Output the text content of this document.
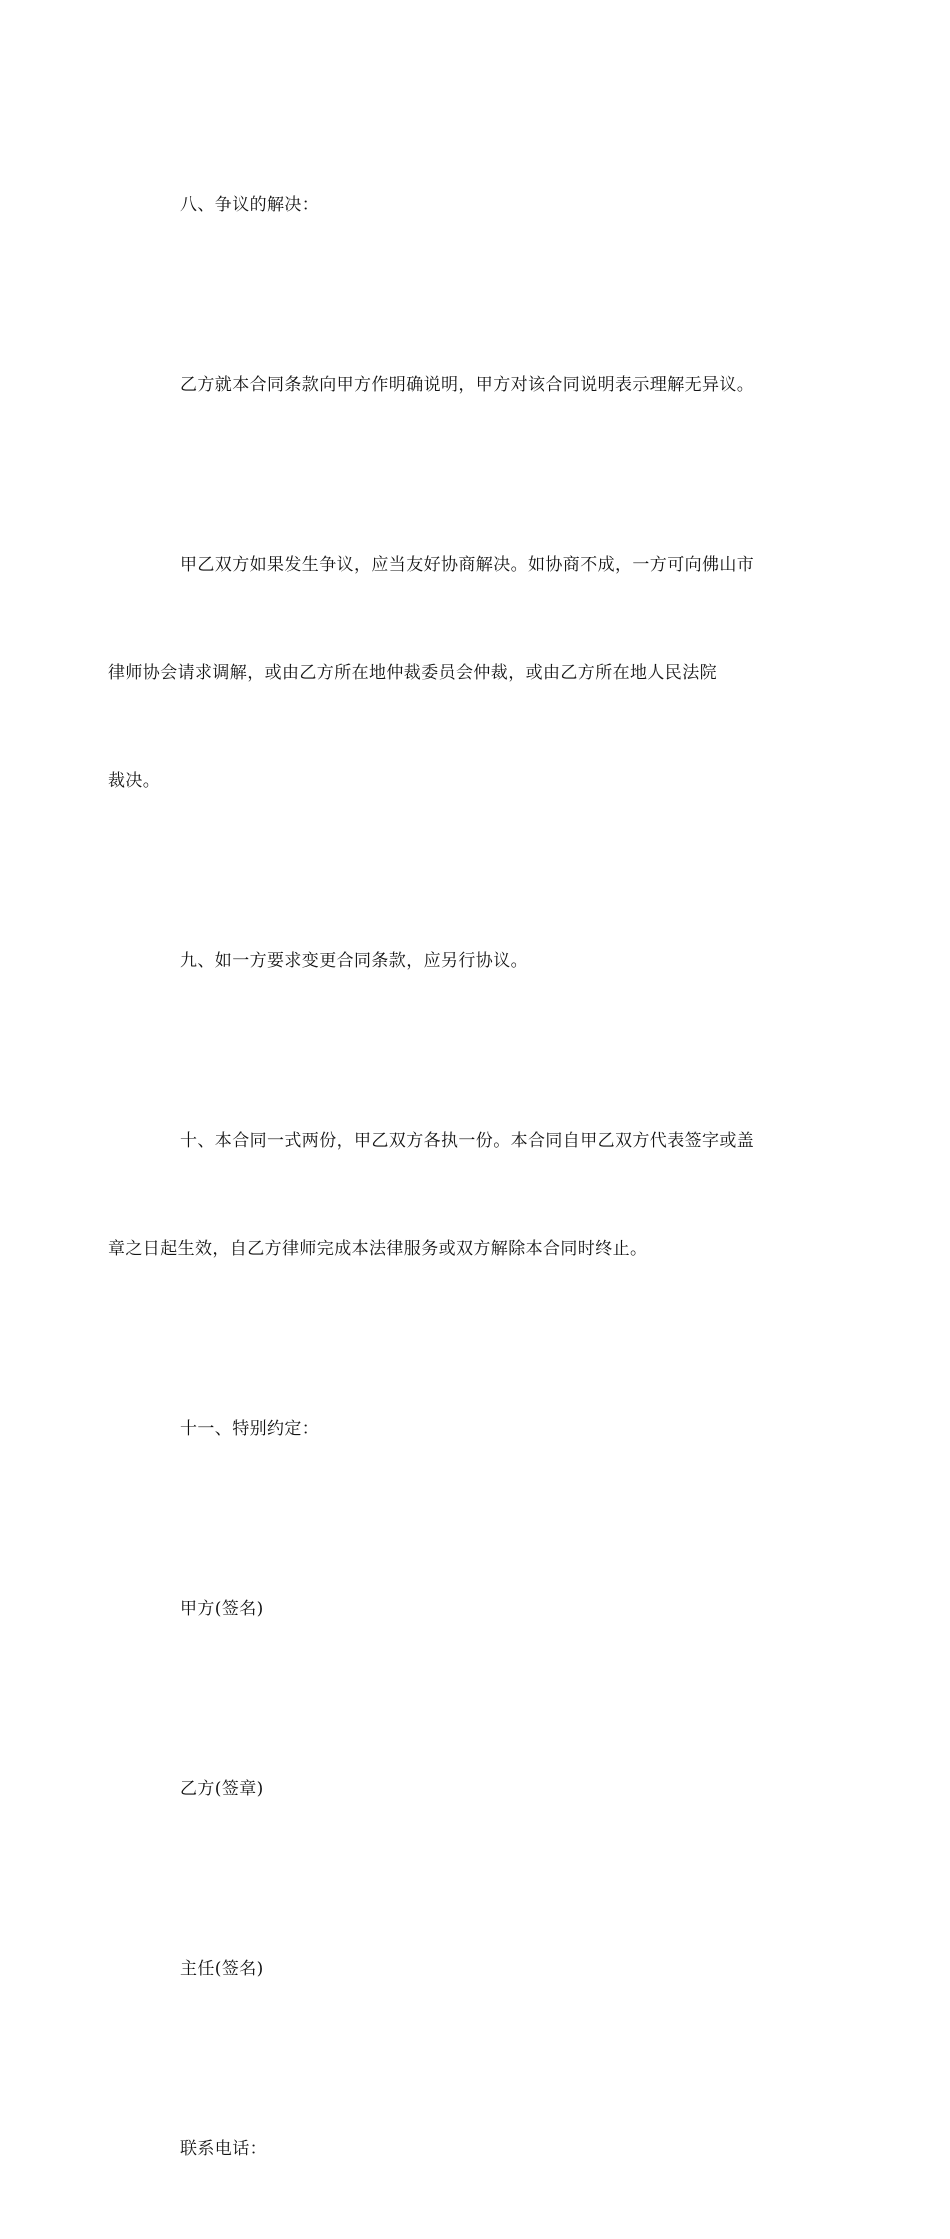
八、争议的解决：

乙方就本合同条款向甲方作明确说明，甲方对该合同说明表示理解无异议。

甲乙双方如果发生争议，应当友好协商解决。如协商不成，一方可向佛山市

律师协会请求调解，或由乙方所在地仲裁委员会仲裁，或由乙方所在地人民法院

裁决。

九、如一方要求变更合同条款，应另行协议。

十、本合同一式两份，甲乙双方各执一份。本合同自甲乙双方代表签字或盖

章之日起生效，自乙方律师完成本法律服务或双方解除本合同时终止。

十一、特别约定：

甲方(签名)

乙方(签章)

主任(签名)

联系电话：
